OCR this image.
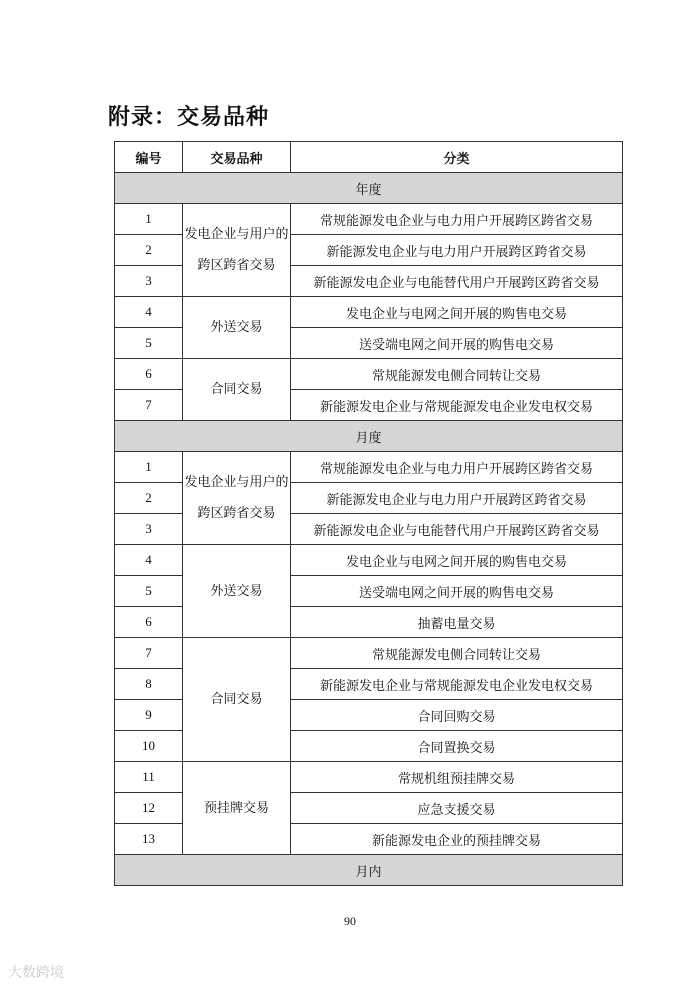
附录：交易品种
编号	交易品种	分类
年度		
1	发电企业与用户的跨区跨省交易	常规能源发电企业与电力用户开展跨区跨省交易
2		新能源发电企业与电力用户开展跨区跨省交易
3		新能源发电企业与电能替代用户开展跨区跨省交易
4	外送交易	发电企业与电网之间开展的购售电交易
5		送受端电网之间开展的购售电交易
6	合同交易	常规能源发电侧合同转让交易
7		新能源发电企业与常规能源发电企业发电权交易
月度		
1	发电企业与用户的跨区跨省交易	常规能源发电企业与电力用户开展跨区跨省交易
2		新能源发电企业与电力用户开展跨区跨省交易
3		新能源发电企业与电能替代用户开展跨区跨省交易
4	外送交易	发电企业与电网之间开展的购售电交易
5		送受端电网之间开展的购售电交易
6		抽蓄电量交易
7	合同交易	常规能源发电侧合同转让交易
8		新能源发电企业与常规能源发电企业发电权交易
9		合同回购交易
10		合同置换交易
11	预挂牌交易	常规机组预挂牌交易
12		应急支援交易
13		新能源发电企业的预挂牌交易
月内		
90
大数跨境
